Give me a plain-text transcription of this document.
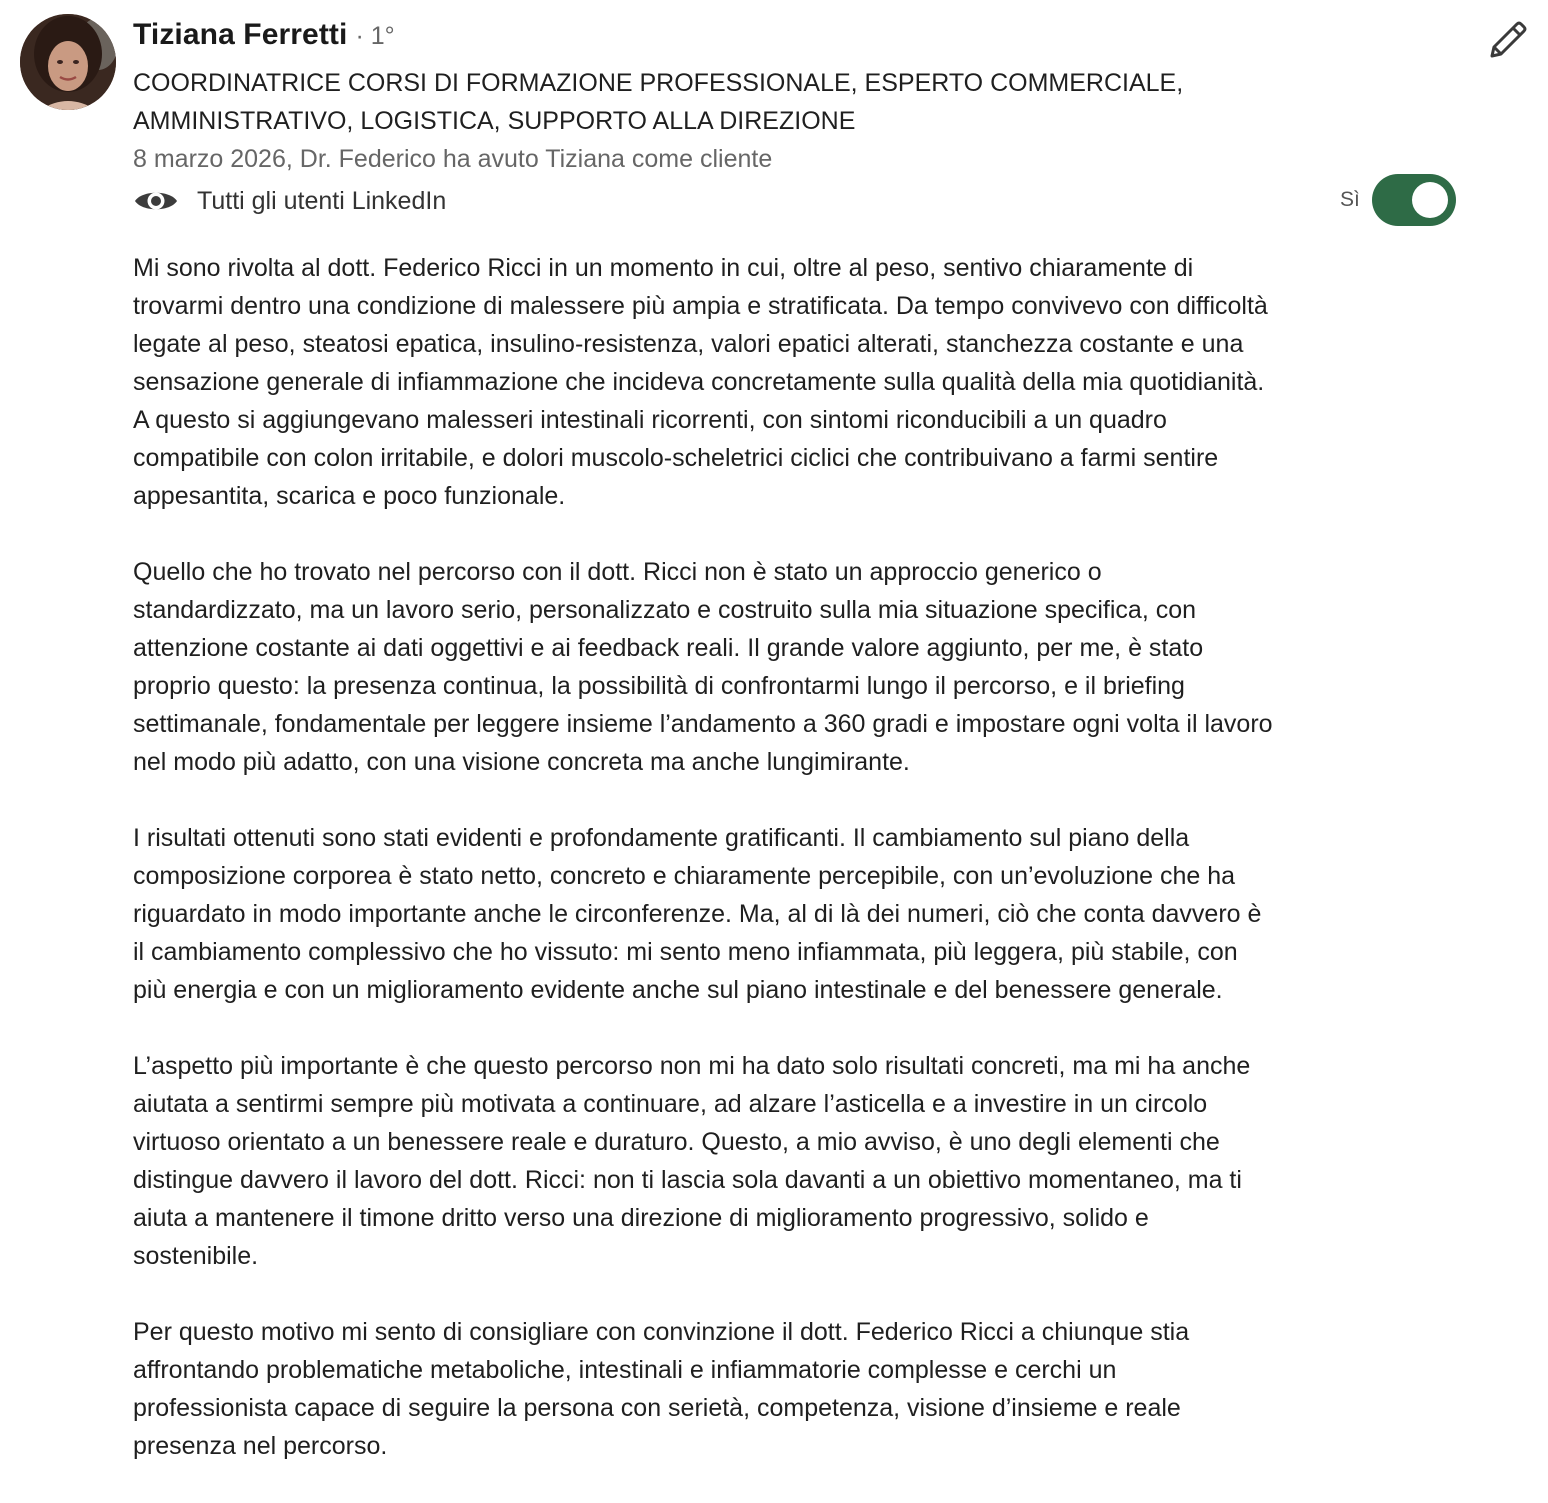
Tiziana Ferretti · 1°
COORDINATRICE CORSI DI FORMAZIONE PROFESSIONALE, ESPERTO COMMERCIALE,
AMMINISTRATIVO, LOGISTICA, SUPPORTO ALLA DIREZIONE
8 marzo 2026, Dr. Federico ha avuto Tiziana come cliente
Tutti gli utenti LinkedIn	Sì

Mi sono rivolta al dott. Federico Ricci in un momento in cui, oltre al peso, sentivo chiaramente di
trovarmi dentro una condizione di malessere più ampia e stratificata. Da tempo convivevo con difficoltà
legate al peso, steatosi epatica, insulino-resistenza, valori epatici alterati, stanchezza costante e una
sensazione generale di infiammazione che incideva concretamente sulla qualità della mia quotidianità.
A questo si aggiungevano malesseri intestinali ricorrenti, con sintomi riconducibili a un quadro
compatibile con colon irritabile, e dolori muscolo-scheletrici ciclici che contribuivano a farmi sentire
appesantita, scarica e poco funzionale.

Quello che ho trovato nel percorso con il dott. Ricci non è stato un approccio generico o
standardizzato, ma un lavoro serio, personalizzato e costruito sulla mia situazione specifica, con
attenzione costante ai dati oggettivi e ai feedback reali. Il grande valore aggiunto, per me, è stato
proprio questo: la presenza continua, la possibilità di confrontarmi lungo il percorso, e il briefing
settimanale, fondamentale per leggere insieme l’andamento a 360 gradi e impostare ogni volta il lavoro
nel modo più adatto, con una visione concreta ma anche lungimirante.

I risultati ottenuti sono stati evidenti e profondamente gratificanti. Il cambiamento sul piano della
composizione corporea è stato netto, concreto e chiaramente percepibile, con un’evoluzione che ha
riguardato in modo importante anche le circonferenze. Ma, al di là dei numeri, ciò che conta davvero è
il cambiamento complessivo che ho vissuto: mi sento meno infiammata, più leggera, più stabile, con
più energia e con un miglioramento evidente anche sul piano intestinale e del benessere generale.

L’aspetto più importante è che questo percorso non mi ha dato solo risultati concreti, ma mi ha anche
aiutata a sentirmi sempre più motivata a continuare, ad alzare l’asticella e a investire in un circolo
virtuoso orientato a un benessere reale e duraturo. Questo, a mio avviso, è uno degli elementi che
distingue davvero il lavoro del dott. Ricci: non ti lascia sola davanti a un obiettivo momentaneo, ma ti
aiuta a mantenere il timone dritto verso una direzione di miglioramento progressivo, solido e
sostenibile.

Per questo motivo mi sento di consigliare con convinzione il dott. Federico Ricci a chiunque stia
affrontando problematiche metaboliche, intestinali e infiammatorie complesse e cerchi un
professionista capace di seguire la persona con serietà, competenza, visione d’insieme e reale
presenza nel percorso.
